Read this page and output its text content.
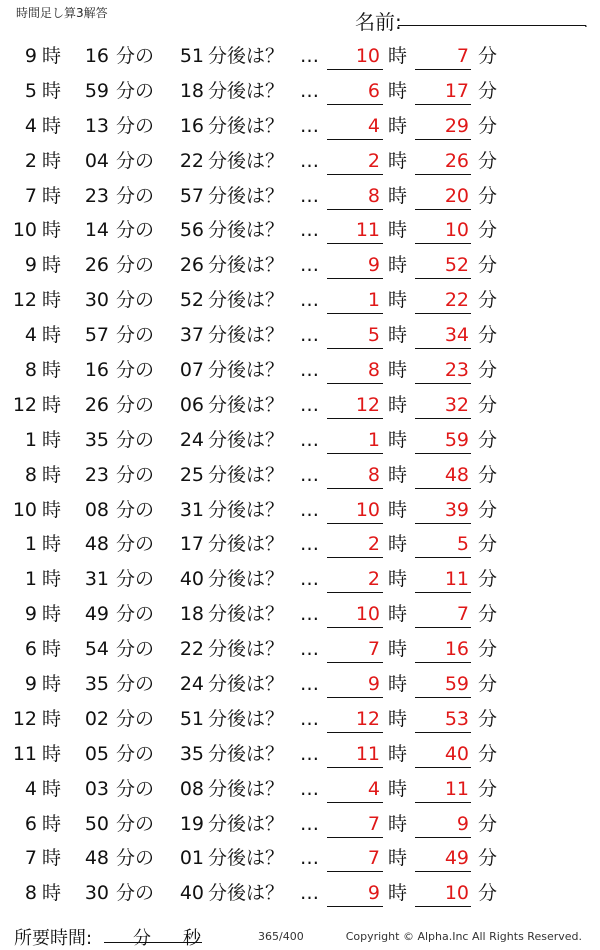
時間足し算3解答	名前:	.
9 時	16 分の	51 分後は？ …	10 時	7 分
5 時	59 分の	18 分後は？ …	6 時	17 分
4 時	13 分の	16 分後は？ …	4 時	29 分
2 時	04 分の	22 分後は？ …	2 時	26 分
7 時	23 分の	57 分後は？ …	8 時	20 分
10 時	14 分の	56 分後は？ …	11 時	10 分
9 時	26 分の	26 分後は？ …	9 時	52 分
12 時	30 分の	52 分後は？ …	1 時	22 分
4 時	57 分の	37 分後は？ …	5 時	34 分
8 時	16 分の	07 分後は？ …	8 時	23 分
12 時	26 分の	06 分後は？ …	12 時	32 分
1 時	35 分の	24 分後は？ …	1 時	59 分
8 時	23 分の	25 分後は？ …	8 時	48 分
10 時	08 分の	31 分後は？ …	10 時	39 分
1 時	48 分の	17 分後は？ …	2 時	5 分
1 時	31 分の	40 分後は？ …	2 時	11 分
9 時	49 分の	18 分後は？ …	10 時	7 分
6 時	54 分の	22 分後は？ …	7 時	16 分
9 時	35 分の	24 分後は？ …	9 時	59 分
12 時	02 分の	51 分後は？ …	12 時	53 分
11 時	05 分の	35 分後は？ …	11 時	40 分
4 時	03 分の	08 分後は？ …	4 時	11 分
6 時	50 分の	19 分後は？ …	7 時	9 分
7 時	48 分の	01 分後は？ …	7 時	49 分
8 時	30 分の	40 分後は？ …	9 時	10 分
所要時間: 分 秒	365/400	Copyright © Alpha.Inc All Rights Reserved.
